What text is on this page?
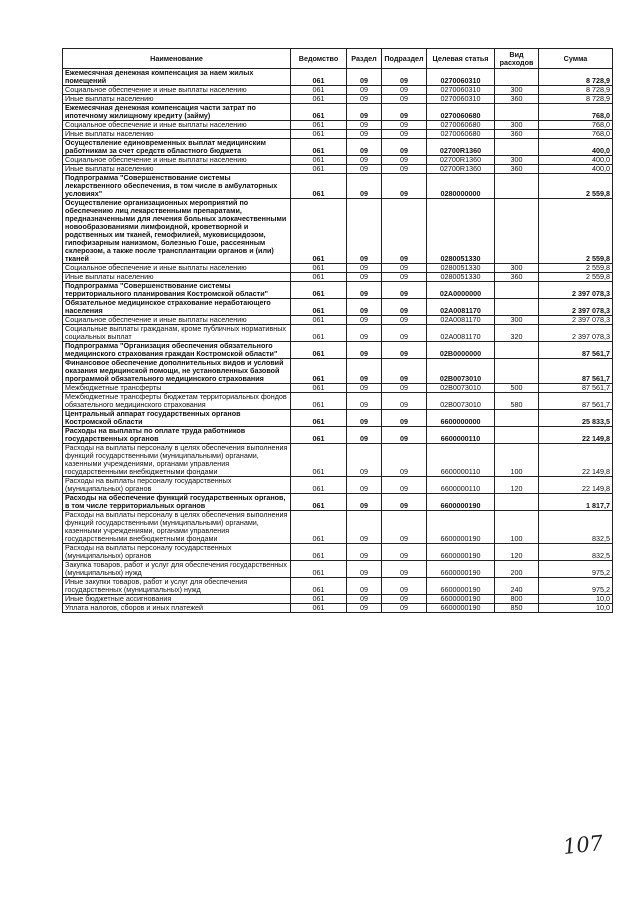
Наименование	Ведомство	Раздел	Подраздел	Целевая статья	Вид расходов	Сумма
Ежемесячная денежная компенсация за наем жилых помещений	061	09	09	0270060310		8 728,9
Социальное обеспечение и иные выплаты населению	061	09	09	0270060310	300	8 728,9
Иные выплаты населению	061	09	09	0270060310	360	8 728,9
Ежемесячная денежная компенсация части затрат по ипотечному жилищному кредиту (займу)	061	09	09	0270060680		768,0
Социальное обеспечение и иные выплаты населению	061	09	09	0270060680	300	768,0
Иные выплаты населению	061	09	09	0270060680	360	768,0
Осуществление единовременных выплат медицинским работникам за счет средств областного бюджета	061	09	09	02700R1360		400,0
Социальное обеспечение и иные выплаты населению	061	09	09	02700R1360	300	400,0
Иные выплаты населению	061	09	09	02700R1360	360	400,0
Подпрограмма "Совершенствование системы лекарственного обеспечения, в том числе в амбулаторных условиях"	061	09	09	0280000000		2 559,8
Осуществление организационных мероприятий по обеспечению лиц лекарственными препаратами, предназначенными для лечения больных злокачественными новообразованиями лимфоидной, кроветворной и родственных им тканей, гемофилией, муковисцидозом, гипофизарным нанизмом, болезнью Гоше, рассеянным склерозом, а также после трансплантации органов и (или) тканей	061	09	09	0280051330		2 559,8
Социальное обеспечение и иные выплаты населению	061	09	09	0280051330	300	2 559,8
Иные выплаты населению	061	09	09	0280051330	360	2 559,8
Подпрограмма "Совершенствование системы территориального планирования Костромской области"	061	09	09	02A0000000		2 397 078,3
Обязательное медицинское страхование неработающего населения	061	09	09	02A0081170		2 397 078,3
Социальное обеспечение и иные выплаты населению	061	09	09	02A0081170	300	2 397 078,3
Социальные выплаты гражданам, кроме публичных нормативных социальных выплат	061	09	09	02A0081170	320	2 397 078,3
Подпрограмма "Организация обеспечения обязательного медицинского страхования граждан Костромской области"	061	09	09	02B0000000		87 561,7
Финансовое обеспечение дополнительных видов и условий оказания медицинской помощи, не установленных базовой программой обязательного медицинского страхования	061	09	09	02B0073010		87 561,7
Межбюджетные трансферты	061	09	09	02B0073010	500	87 561,7
Межбюджетные трансферты бюджетам территориальных фондов обязательного медицинского страхования	061	09	09	02B0073010	580	87 561,7
Центральный аппарат государственных органов Костромской области	061	09	09	6600000000		25 833,5
Расходы на выплаты по оплате труда работников государственных органов	061	09	09	6600000110		22 149,8
Расходы на выплаты персоналу в целях обеспечения выполнения функций государственными (муниципальными) органами, казенными учреждениями, органами управления государственными внебюджетными фондами	061	09	09	6600000110	100	22 149,8
Расходы на выплаты персоналу государственных (муниципальных) органов	061	09	09	6600000110	120	22 149,8
Расходы на обеспечение функций государственных органов, в том числе территориальных органов	061	09	09	6600000190		1 817,7
Расходы на выплаты персоналу в целях обеспечения выполнения функций государственными (муниципальными) органами, казенными учреждениями, органами управления государственными внебюджетными фондами	061	09	09	6600000190	100	832,5
Расходы на выплаты персоналу государственных (муниципальных) органов	061	09	09	6600000190	120	832,5
Закупка товаров, работ и услуг для обеспечения государственных (муниципальных) нужд	061	09	09	6600000190	200	975,2
Иные закупки товаров, работ и услуг для обеспечения государственных (муниципальных) нужд	061	09	09	6600000190	240	975,2
Иные бюджетные ассигнования	061	09	09	6600000190	800	10,0
Уплата налогов, сборов и иных платежей	061	09	09	6600000190	850	10,0
107
